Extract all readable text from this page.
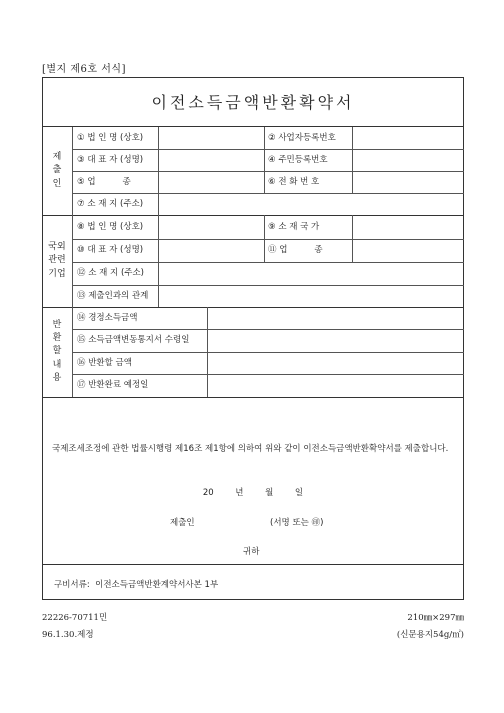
[별지 제6호 서식]
이전소득금액반환확약서
제
출
인
국외
관련
기업
반
환
할
내
용
① 법 인 명 (상호)	② 사업자등록번호
③ 대 표 자 (성명)	④ 주민등록번호
⑤ 업          종	⑥ 전 화 번 호
⑦ 소 재 지 (주소)
⑧ 법 인 명 (상호)	⑨ 소 재 국 가
⑩ 대 표 자 (성명)	⑪ 업          종
⑫ 소 재 지 (주소)
⑬ 제출인과의 관계
⑭ 경정소득금액
⑮ 소득금액변동통지서 수령일
⑯ 반환할 금액
⑰ 반환완료 예정일
국제조세조정에 관한 법률시행령 제16조 제1항에 의하여 위와 같이 이전소득금액반환확약서를 제출합니다.
20        년        월        일
제출인	(서명 또는 ㊞)
귀하
구비서류:  이전소득금액반환계약서사본 1부
22226-70711민	210㎜×297㎜
96.1.30.제정	(신문용지54g/㎡)
